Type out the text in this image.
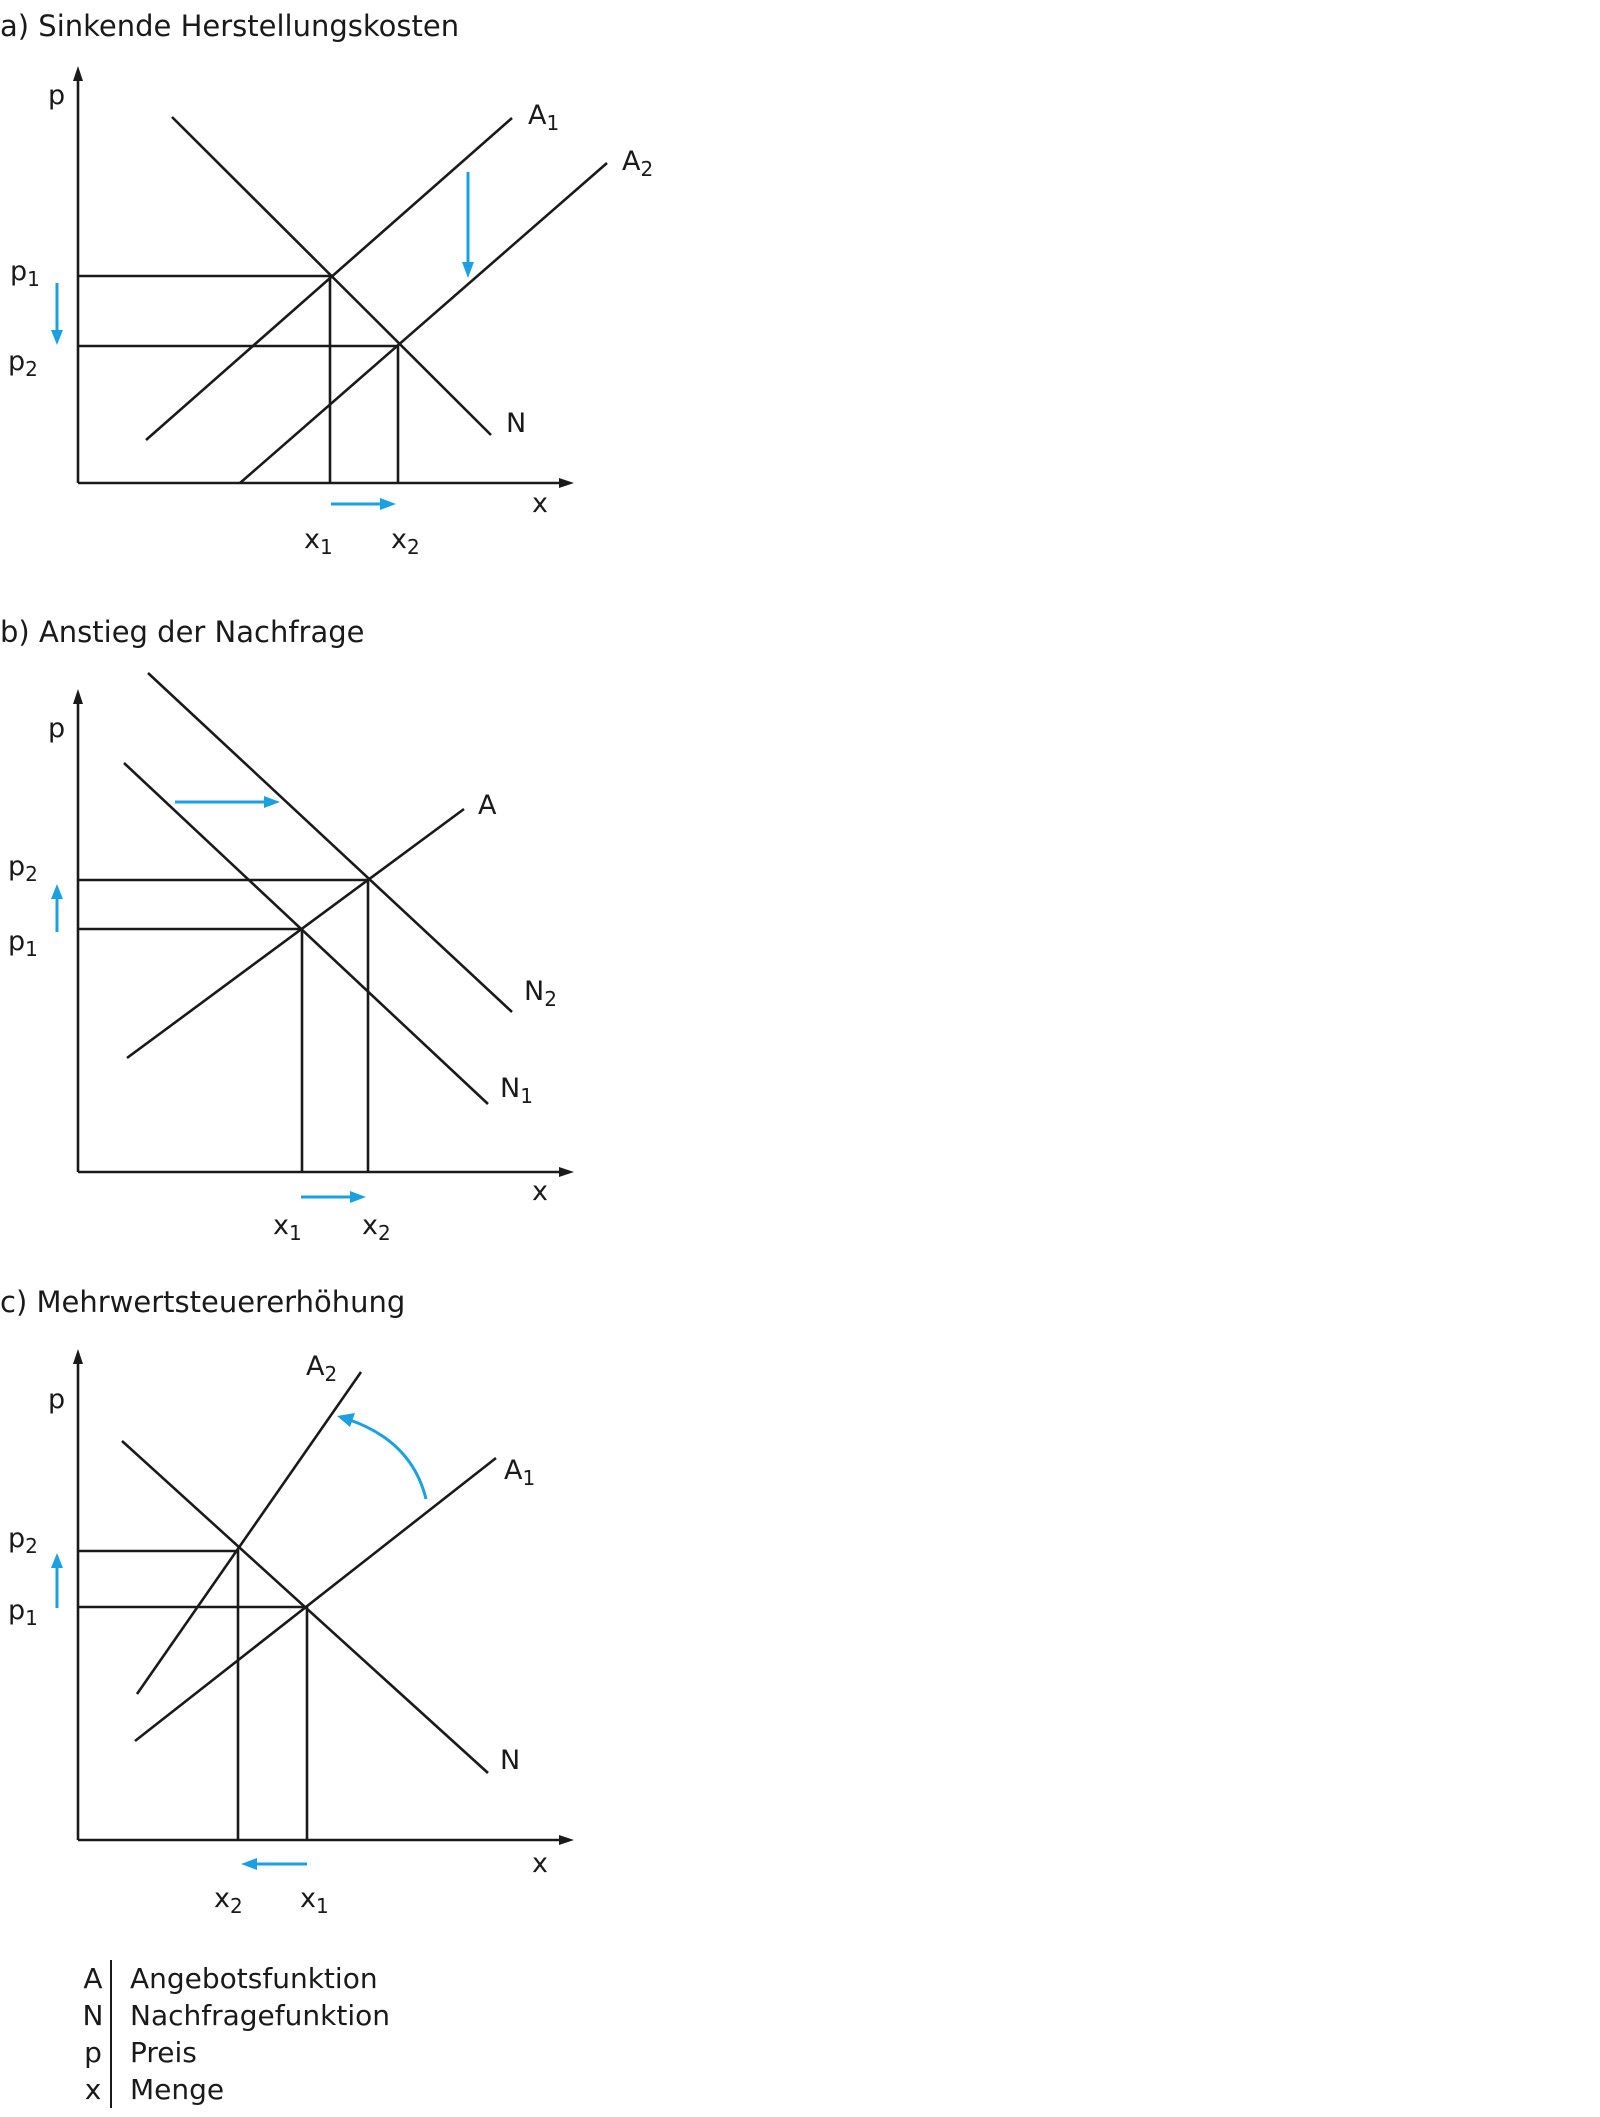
a) Sinkende Herstellungskosten
b) Anstieg der Nachfrage
c) Mehrwertsteuererhöhung
p
x
$A_1$
$A_2$
N
$p_1$
$p_2$
$x_1$ $x_2$
p
x
A
$N_2$
$N_1$
$p_2$
$p_1$
$x_1$ $x_2$
p
x
$A_2$
$A_1$
N
$p_2$
$p_1$
$x_2$ $x_1$
A Angebotsfunktion
N Nachfragefunktion
p	Preis
x	Menge
